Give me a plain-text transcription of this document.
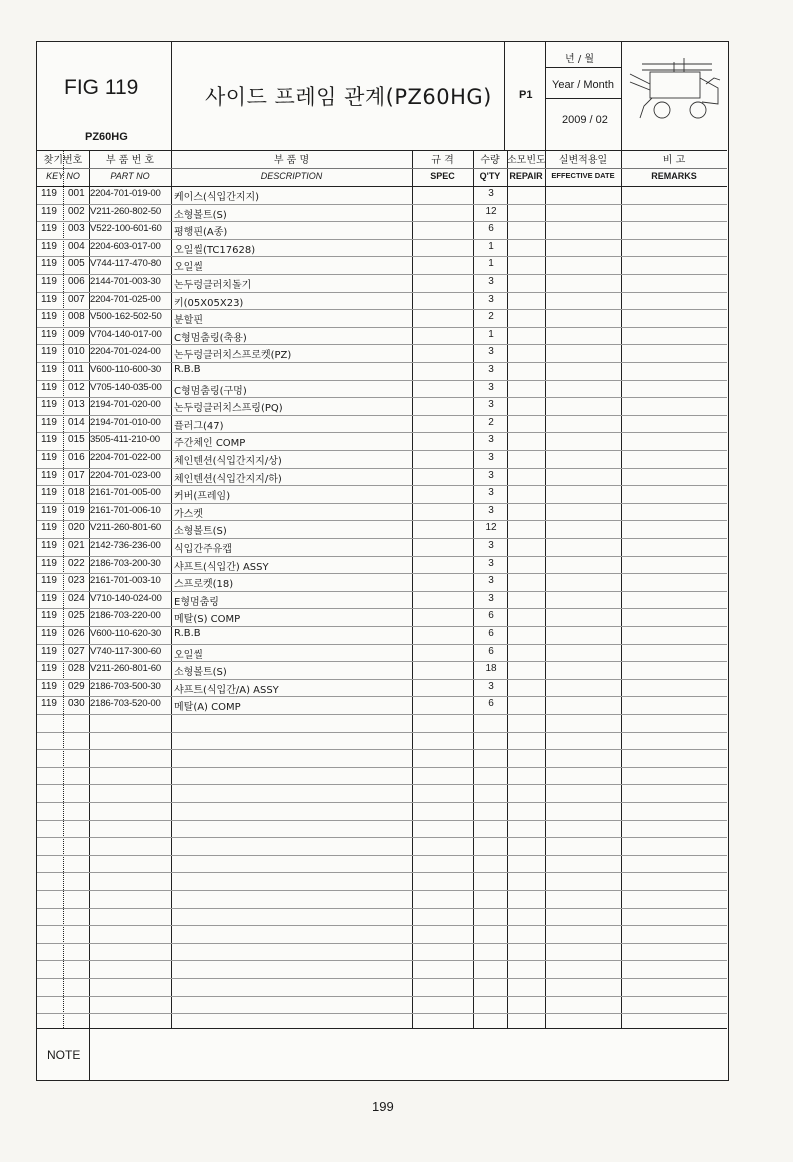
FIG 119
PZ60HG
사이드 프레임 관계(PZ60HG) P1
년 / 월
Year / Month
2009 / 02
찾기번호
KEY NO
부 품 번 호
PART NO
부 품 명
DESCRIPTION
규 격
SPEC
수량
Q'TY
소모빈도
REPAIR
실변적용일
EFFECTIVE DATE
비 고
REMARKS
119 001 2204-701-019-00 케이스(식입간지지)	3
119 002 V211-260-802-50 소형볼트(S)	12
119 003 V522-100-601-60 평행핀(A종)	6
119 004 2204-603-017-00 오일씰(TC17628)	1
119 005 V744-117-470-80 오일씰	1
119 006 2144-701-003-30 논두렁클러치돌기	3
119 007 2204-701-025-00 키(05X05X23)	3
119 008 V500-162-502-50 분할핀	2
119 009 V704-140-017-00 C형멈춤링(축용)	1
119 010 2204-701-024-00 논두렁클러치스프로켓(PZ)	3
119 011 V600-110-600-30 R.B.B	3
119 012 V705-140-035-00 C형멈춤링(구멍)	3
119 013 2194-701-020-00 논두렁클러치스프링(PQ)	3
119 014 2194-701-010-00 플러그(47)	2
119 015 3505-411-210-00 주간체인 COMP	3
119 016 2204-701-022-00 체인텐션(식입간지지/상)	3
119 017 2204-701-023-00 체인텐션(식입간지지/하)	3
119 018 2161-701-005-00 커버(프레임)	3
119 019 2161-701-006-10 가스켓	3
119 020 V211-260-801-60 소형볼트(S)	12
119 021 2142-736-236-00 식입간주유캡	3
119 022 2186-703-200-30 샤프트(식입간) ASSY	3
119 023 2161-701-003-10 스프로켓(18)	3
119 024 V710-140-024-00 E형멈춤링	3
119 025 2186-703-220-00 메탈(S) COMP	6
119 026 V600-110-620-30 R.B.B	6
119 027 V740-117-300-60 오일씰	6
119 028 V211-260-801-60 소형볼트(S)	18
119 029 2186-703-500-30 샤프트(식입간/A) ASSY	3
119 030 2186-703-520-00 메탈(A) COMP	6
NOTE
199
